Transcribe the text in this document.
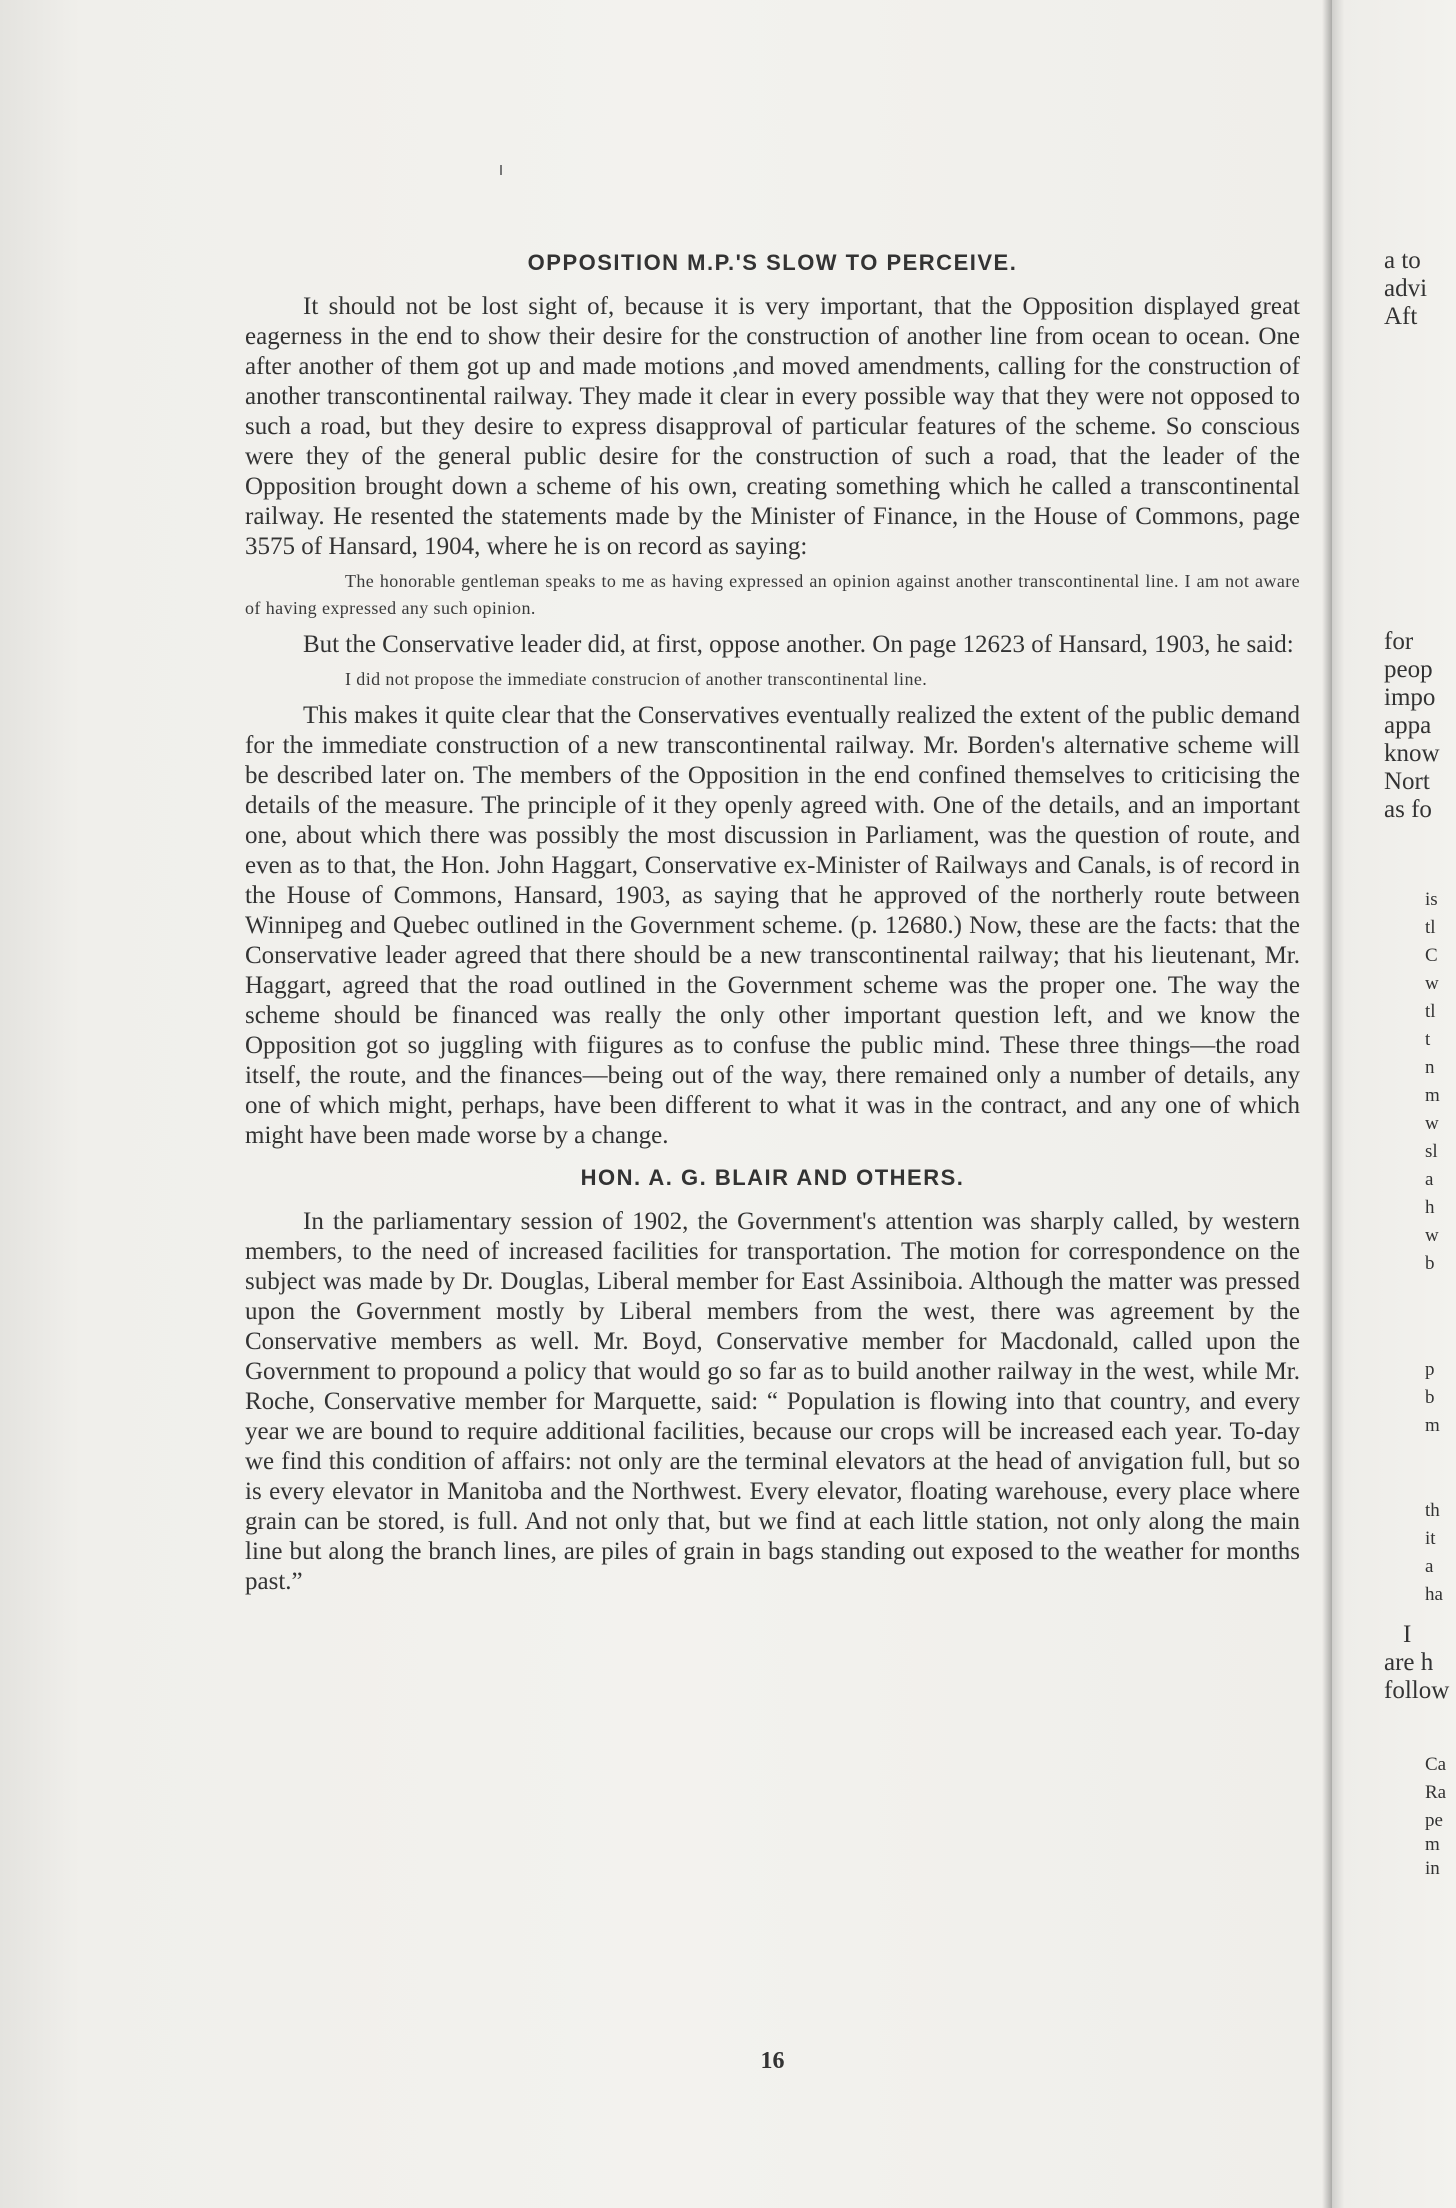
OPPOSITION M.P.'S SLOW TO PERCEIVE.

It should not be lost sight of, because it is very important, that the Opposition displayed great eagerness in the end to show their desire for the construction of another line from ocean to ocean. One after another of them got up and made motions ,and moved amendments, calling for the construction of another transcontinental railway. They made it clear in every possible way that they were not opposed to such a road, but they desire to express disapproval of particular features of the scheme. So conscious were they of the general public desire for the construction of such a road, that the leader of the Opposition brought down a scheme of his own, creating something which he called a transcontinental railway. He resented the statements made by the Minister of Finance, in the House of Commons, page 3575 of Hansard, 1904, where he is on record as saying:

The honorable gentleman speaks to me as having expressed an opinion against another transcontinental line. I am not aware of having expressed any such opinion.

But the Conservative leader did, at first, oppose another. On page 12623 of Hansard, 1903, he said:

I did not propose the immediate construcion of another transcontinental line.

This makes it quite clear that the Conservatives eventually realized the extent of the public demand for the immediate construction of a new transcontinental railway. Mr. Borden's alternative scheme will be described later on. The members of the Opposition in the end confined themselves to criticising the details of the measure. The principle of it they openly agreed with. One of the details, and an important one, about which there was possibly the most discussion in Parliament, was the question of route, and even as to that, the Hon. John Haggart, Conservative ex-Minister of Railways and Canals, is of record in the House of Commons, Hansard, 1903, as saying that he approved of the northerly route between Winnipeg and Quebec outlined in the Government scheme. (p. 12680.) Now, these are the facts: that the Conservative leader agreed that there should be a new transcontinental railway; that his lieutenant, Mr. Haggart, agreed that the road outlined in the Government scheme was the proper one. The way the scheme should be financed was really the only other important question left, and we know the Opposition got so juggling with fiigures as to confuse the public mind. These three things—the road itself, the route, and the finances—being out of the way, there remained only a number of details, any one of which might, perhaps, have been different to what it was in the contract, and any one of which might have been made worse by a change.

HON. A. G. BLAIR AND OTHERS.

In the parliamentary session of 1902, the Government's attention was sharply called, by western members, to the need of increased facilities for transportation. The motion for correspondence on the subject was made by Dr. Douglas, Liberal member for East Assiniboia. Although the matter was pressed upon the Government mostly by Liberal members from the west, there was agreement by the Conservative members as well. Mr. Boyd, Conservative member for Macdonald, called upon the Government to propound a policy that would go so far as to build another railway in the west, while Mr. Roche, Conservative member for Marquette, said: “ Population is flowing into that country, and every year we are bound to require additional facilities, because our crops will be increased each year. To-day we find this condition of affairs: not only are the terminal elevators at the head of anvigation full, but so is every elevator in Manitoba and the Northwest. Every elevator, floating warehouse, every place where grain can be stored, is full. And not only that, but we find at each little station, not only along the main line but along the branch lines, are piles of grain in bags standing out exposed to the weather for months past.”

16
a to
advi
Aft
for
peop
impo
appa
know
Nort
as fo
is
tl
C
w
tl
t
n
m
w
sl
a
h
w
b
p
b
m
th
it
a
ha
I
are h
follow
Ca
Ra
pe
m
in
